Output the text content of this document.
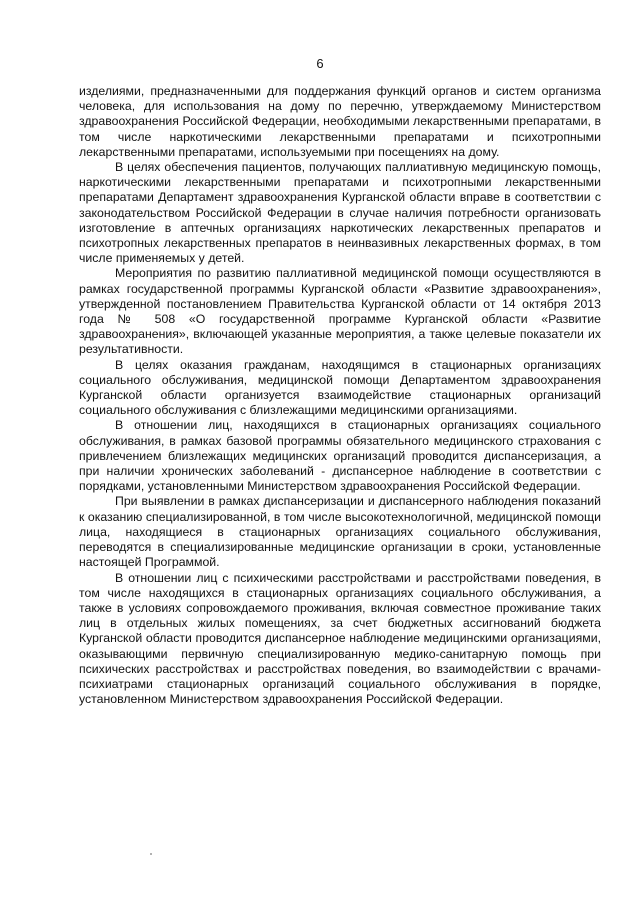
6

изделиями, предназначенными для поддержания функций органов и систем организма человека, для использования на дому по перечню, утверждаемому Министерством здравоохранения Российской Федерации, необходимыми лекарственными препаратами, в том числе наркотическими лекарственными препаратами и психотропными лекарственными препаратами, используемыми при посещениях на дому.

В целях обеспечения пациентов, получающих паллиативную медицинскую помощь, наркотическими лекарственными препаратами и психотропными лекарственными препаратами Департамент здравоохранения Курганской области вправе в соответствии с законодательством Российской Федерации в случае наличия потребности организовать изготовление в аптечных организациях наркотических лекарственных препаратов и психотропных лекарственных препаратов в неинвазивных лекарственных формах, в том числе применяемых у детей.

Мероприятия по развитию паллиативной медицинской помощи осуществляются в рамках государственной программы Курганской области «Развитие здравоохранения», утвержденной постановлением Правительства Курганской области от 14 октября 2013 года № 508 «О государственной программе Курганской области «Развитие здравоохранения», включающей указанные мероприятия, а также целевые показатели их результативности.

В целях оказания гражданам, находящимся в стационарных организациях социального обслуживания, медицинской помощи Департаментом здравоохранения Курганской области организуется взаимодействие стационарных организаций социального обслуживания с близлежащими медицинскими организациями.

В отношении лиц, находящихся в стационарных организациях социального обслуживания, в рамках базовой программы обязательного медицинского страхования с привлечением близлежащих медицинских организаций проводится диспансеризация, а при наличии хронических заболеваний - диспансерное наблюдение в соответствии с порядками, установленными Министерством здравоохранения Российской Федерации.

При выявлении в рамках диспансеризации и диспансерного наблюдения показаний к оказанию специализированной, в том числе высокотехнологичной, медицинской помощи лица, находящиеся в стационарных организациях социального обслуживания, переводятся в специализированные медицинские организации в сроки, установленные настоящей Программой.

В отношении лиц с психическими расстройствами и расстройствами поведения, в том числе находящихся в стационарных организациях социального обслуживания, а также в условиях сопровождаемого проживания, включая совместное проживание таких лиц в отдельных жилых помещениях, за счет бюджетных ассигнований бюджета Курганской области проводится диспансерное наблюдение медицинскими организациями, оказывающими первичную специализированную медико-санитарную помощь при психических расстройствах и расстройствах поведения, во взаимодействии с врачами-психиатрами стационарных организаций социального обслуживания в порядке, установленном Министерством здравоохранения Российской Федерации.
